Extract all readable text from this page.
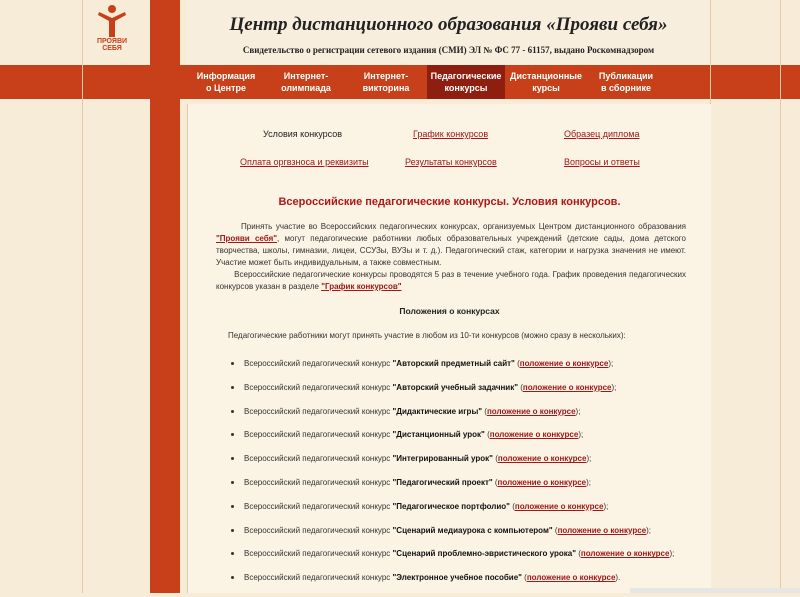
ПРОЯВИ
СЕБЯ
Центр дистанционного образования «Прояви себя»
Свидетельство о регистрации сетевого издания (СМИ) ЭЛ № ФС 77 - 61157, выдано Роскомнадзором
Информация
о Центре
Интернет-
олимпиада
Интернет-
викторина
Педагогические
конкурсы
Дистанционные
курсы
Публикации
в сборнике
Условия конкурсов	График конкурсов	Образец диплома
Оплата оргвзноса и реквизиты	Результаты конкурсов	Вопросы и ответы
Всероссийские педагогические конкурсы. Условия конкурсов.
Принять участие во Всероссийских педагогических конкурсах, организуемых Центром дистанционного образования "Прояви себя", могут педагогические работники любых образовательных учреждений (детские сады, дома детского творчества, школы, гимназии, лицеи, ССУЗы, ВУЗы и т. д.). Педагогический стаж, категории и нагрузка значения не имеют. Участие может быть индивидуальным, а также совместным.
Всероссийские педагогические конкурсы проводятся 5 раз в течение учебного года. График проведения педагогических конкурсов указан в разделе "График конкурсов"
Положения о конкурсах
Педагогические работники могут принять участие в любом из 10-ти конкурсов (можно сразу в нескольких):
Всероссийский педагогический конкурс "Авторский предметный сайт" (положение о конкурсе);
Всероссийский педагогический конкурс "Авторский учебный задачник" (положение о конкурсе);
Всероссийский педагогический конкурс "Дидактические игры" (положение о конкурсе);
Всероссийский педагогический конкурс "Дистанционный урок" (положение о конкурсе);
Всероссийский педагогический конкурс "Интегрированный урок" (положение о конкурсе);
Всероссийский педагогический конкурс "Педагогический проект" (положение о конкурсе);
Всероссийский педагогический конкурс "Педагогическое портфолио" (положение о конкурсе);
Всероссийский педагогический конкурс "Сценарий медиаурока с компьютером" (положение о конкурсе);
Всероссийский педагогический конкурс "Сценарий проблемно-эвристического урока" (положение о конкурсе);
Всероссийский педагогический конкурс "Электронное учебное пособие" (положение о конкурсе).
